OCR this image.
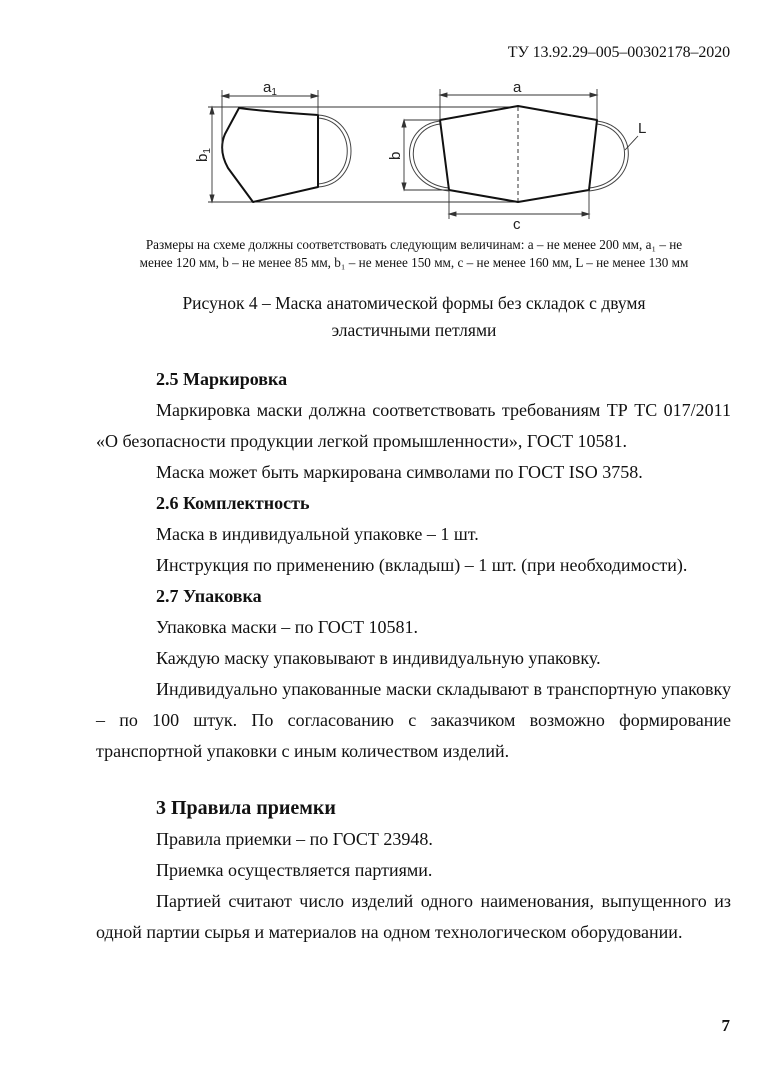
ТУ 13.92.29–005–00302178–2020
$a_1$
$b_1$
a
b
c
L
Размеры на схеме должны соответствовать следующим величинам: a – не менее 200 мм, a₁ – не
менее 120 мм, b – не менее 85 мм, b₁ – не менее 150 мм, c – не менее 160 мм, L – не менее 130 мм
Рисунок 4 – Маска анатомической формы без складок с двумя
эластичными петлями

2.5 Маркировка

Маркировка маски должна соответствовать требованиям ТР ТС 017/2011

«О безопасности продукции легкой промышленности», ГОСТ 10581.

Маска может быть маркирована символами по ГОСТ ISO 3758.

2.6 Комплектность

Маска в индивидуальной упаковке – 1 шт.

Инструкция по применению (вкладыш) – 1 шт. (при необходимости).

2.7 Упаковка

Упаковка маски – по ГОСТ 10581.

Каждую маску упаковывают в индивидуальную упаковку.

Индивидуально упакованные маски складывают в транспортную упаковку

– по 100 штук. По согласованию с заказчиком возможно формирование

транспортной упаковки с иным количеством изделий.

3 Правила приемки

Правила приемки – по ГОСТ 23948.

Приемка осуществляется партиями.

Партией считают число изделий одного наименования, выпущенного из

одной партии сырья и материалов на одном технологическом оборудовании.

7
